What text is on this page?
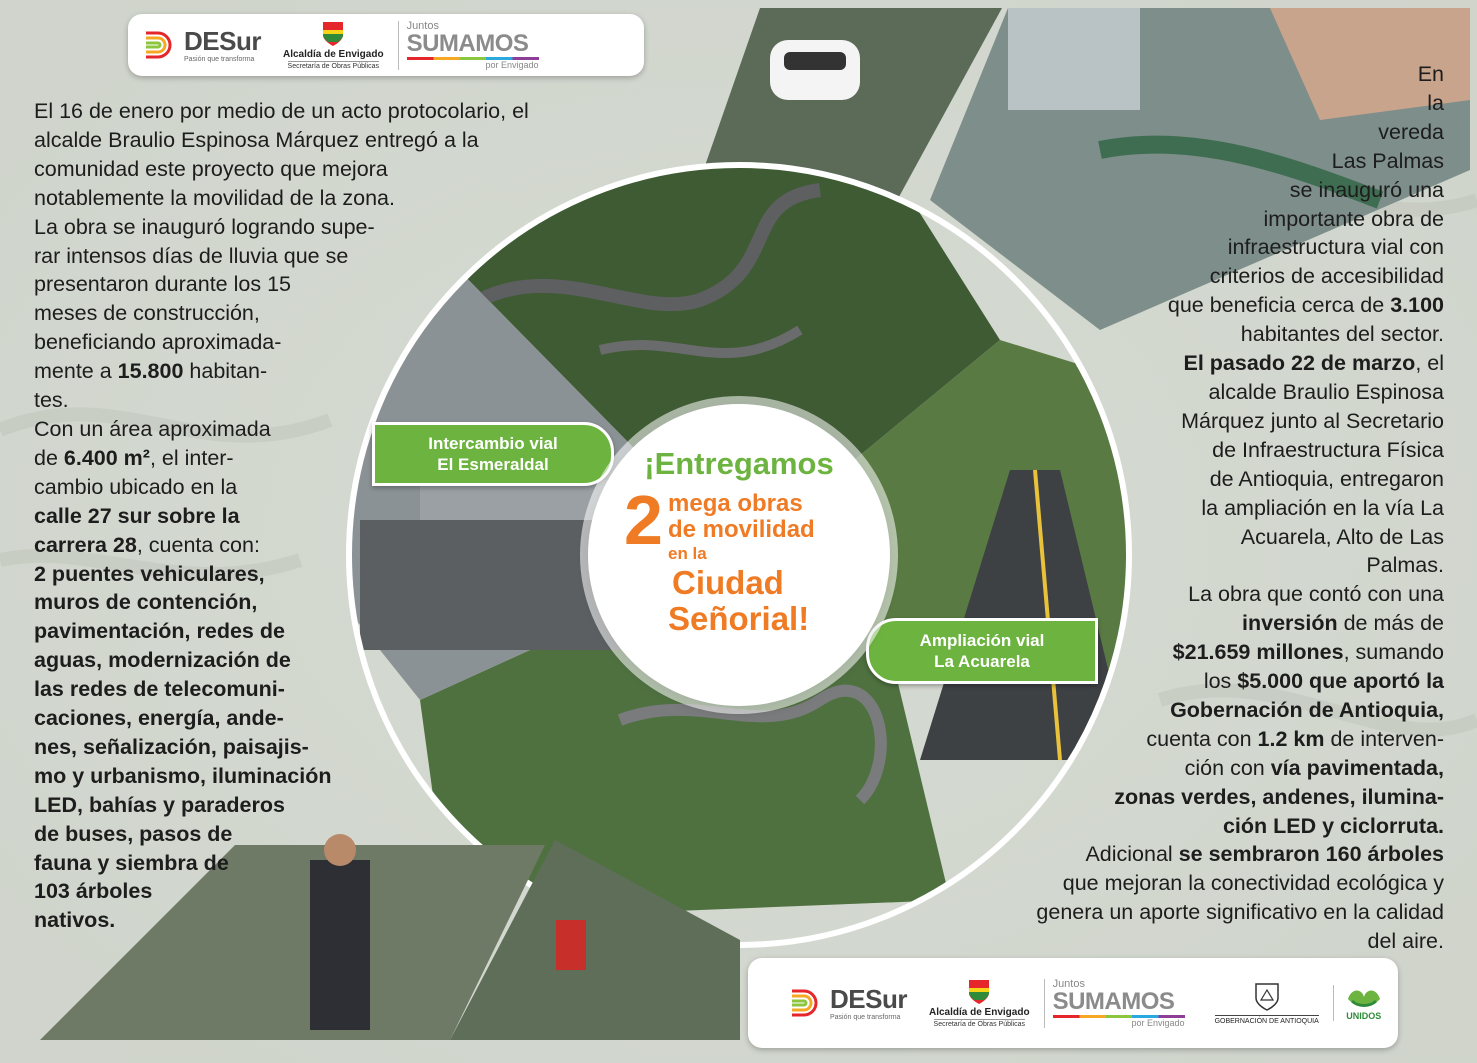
DESur
Pasión que transforma	Alcaldía de Envigado
Secretaría de Obras Públicas
Juntos
SUMAMOS
por Envigado
El 16 de enero por medio de un acto protocolario, el
alcalde Braulio Espinosa Márquez entregó a la
comunidad este proyecto que mejora
notablemente la movilidad de la zona.
La obra se inauguró logrando supe-
rar intensos días de lluvia que se
presentaron durante los 15
meses de construcción,
beneficiando aproximada-
mente a 15.800 habitan-
tes.
Con un área aproximada
de 6.400 m², el inter-
cambio ubicado en la
calle 27 sur sobre la
carrera 28, cuenta con:
2 puentes vehiculares,
muros de contención,
pavimentación, redes de
aguas, modernización de
las redes de telecomuni-
caciones, energía, ande-
nes, señalización, paisajis-
mo y urbanismo, iluminación
LED, bahías y paraderos
de buses, pasos de
fauna y siembra de
103 árboles
nativos.
En
la
vereda
Las Palmas
se inauguró una
importante obra de
infraestructura vial con
criterios de accesibilidad
que beneficia cerca de 3.100
habitantes del sector.
El pasado 22 de marzo, el
alcalde Braulio Espinosa
Márquez junto al Secretario
de Infraestructura Física
de Antioquia, entregaron
la ampliación en la vía La
Acuarela, Alto de Las
Palmas.
La obra que contó con una
inversión de más de
$21.659 millones, sumando
los $5.000 que aportó la
Gobernación de Antioquia,
cuenta con 1.2 km de interven-
ción con vía pavimentada,
zonas verdes, andenes, ilumina-
ción LED y ciclorruta.
Adicional se sembraron 160 árboles
que mejoran la conectividad ecológica y
genera un aporte significativo en la calidad
del aire.
Intercambio vial
El Esmeraldal
Ampliación vial
La Acuarela
¡Entregamos
2 mega obras
de movilidad
en la
Ciudad
Señorial!
DESur
Pasión que transforma	Alcaldía de Envigado
Secretaría de Obras Públicas
Juntos
SUMAMOS
por Envigado	GOBERNACIÓN DE ANTIOQUIA	UNIDOS
